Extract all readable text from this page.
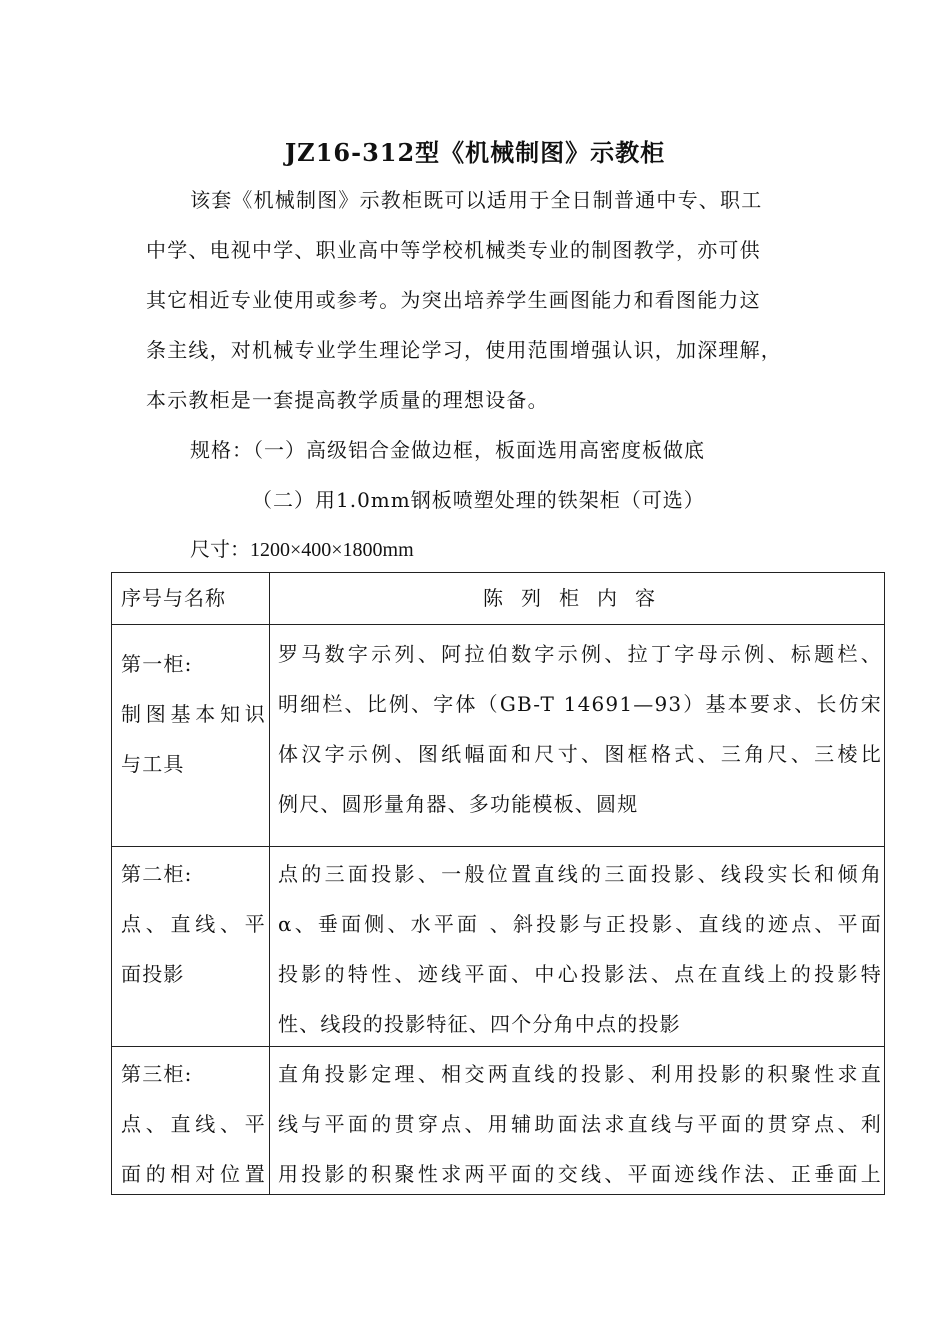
JZ16-312型《机械制图》示教柜
该套《机械制图》示教柜既可以适用于全日制普通中专、职工
中学、电视中学、职业高中等学校机械类专业的制图教学，亦可供
其它相近专业使用或参考。为突出培养学生画图能力和看图能力这
条主线，对机械专业学生理论学习，使用范围增强认识，加深理解，
本示教柜是一套提高教学质量的理想设备。
规格：（一）高级铝合金做边框，板面选用高密度板做底
（二）用1.0mm钢板喷塑处理的铁架柜（可选）
尺寸：1200×400×1800mm
序号与名称	陈列柜内容
第一柜:
制图基本知识
与工具
罗马数字示列、阿拉伯数字示例、拉丁字母示例、标题栏、
明细栏、比例、字体（GB-T 14691—93）基本要求、长仿宋
体汉字示例、图纸幅面和尺寸、图框格式、三角尺、三棱比
例尺、圆形量角器、多功能模板、圆规
第二柜:
点、直线、平
面投影
点的三面投影、一般位置直线的三面投影、线段实长和倾角
α、垂面侧、水平面 、斜投影与正投影、直线的迹点、平面
投影的特性、迹线平面、中心投影法、点在直线上的投影特
性、线段的投影特征、四个分角中点的投影
第三柜:
点、直线、平
面的相对位置
直角投影定理、相交两直线的投影、利用投影的积聚性求直
线与平面的贯穿点、用辅助面法求直线与平面的贯穿点、利
用投影的积聚性求两平面的交线、平面迹线作法、正垂面上
